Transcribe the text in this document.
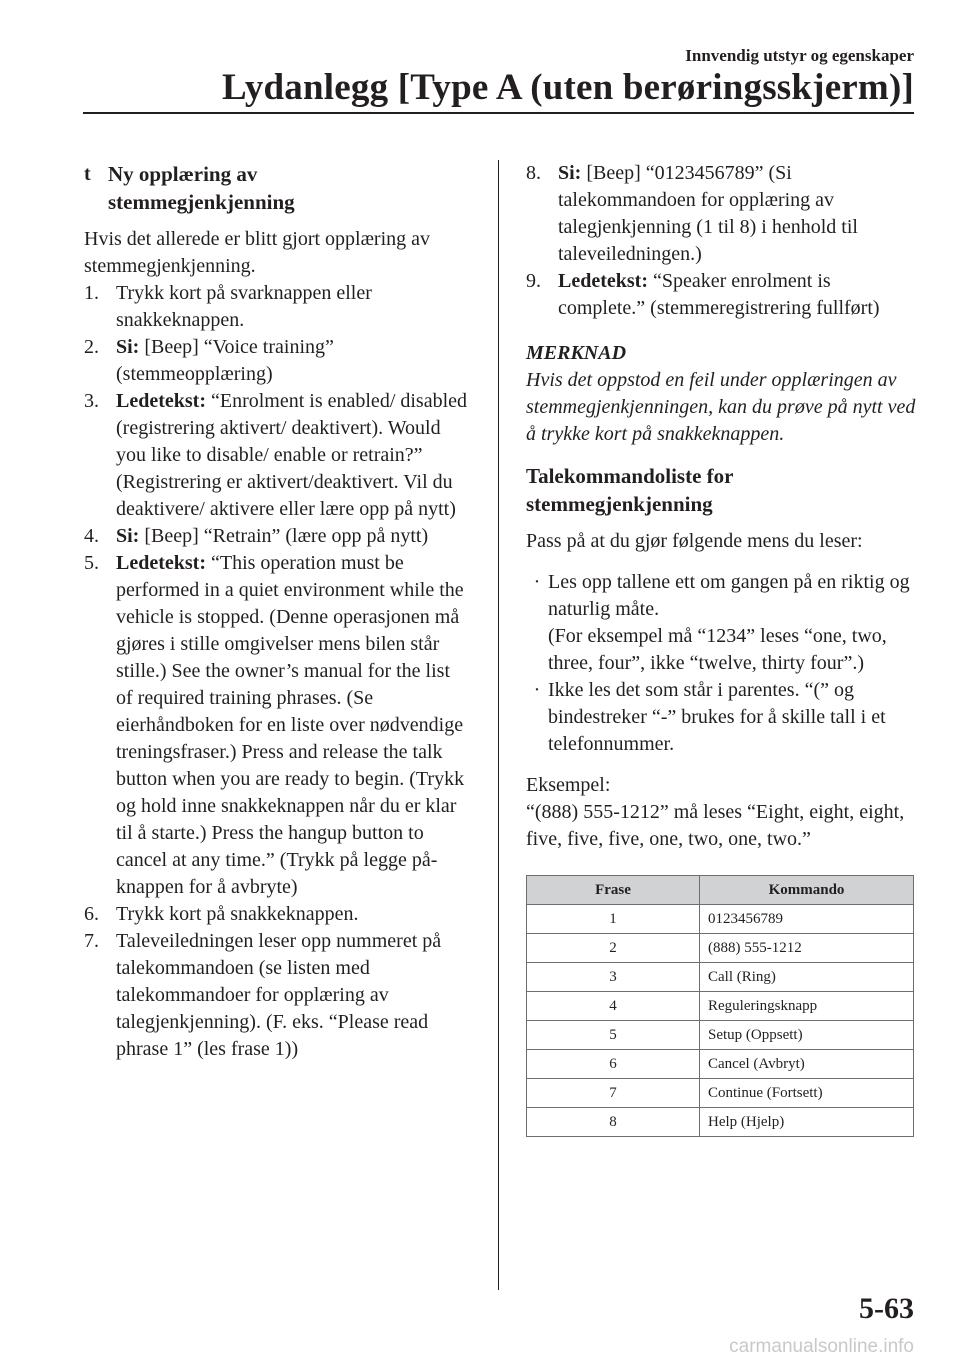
Innvendig utstyr og egenskaper
Lydanlegg [Type A (uten berøringsskjerm)]
t Ny opplæring av
stemmegjenkjenning
Hvis det allerede er blitt gjort opplæring av stemmegjenkjenning.
1. Trykk kort på svarknappen eller snakkeknappen.
2. Si: [Beep] “Voice training” (stemmeopplæring)
3. Ledetekst: “Enrolment is enabled/ disabled (registrering aktivert/ deaktivert). Would you like to disable/ enable or retrain?” (Registrering er aktivert/deaktivert. Vil du deaktivere/ aktivere eller lære opp på nytt)
4. Si: [Beep] “Retrain” (lære opp på nytt)
5. Ledetekst: “This operation must be performed in a quiet environment while the vehicle is stopped. (Denne operasjonen må gjøres i stille omgivelser mens bilen står stille.) See the owner’s manual for the list of required training phrases. (Se eierhåndboken for en liste over nødvendige treningsfraser.) Press and release the talk button when you are ready to begin. (Trykk og hold inne snakkeknappen når du er klar til å starte.) Press the hangup button to cancel at any time.” (Trykk på legge på-knappen for å avbryte)
6. Trykk kort på snakkeknappen.
7. Taleveiledningen leser opp nummeret på talekommandoen (se listen med talekommandoer for opplæring av talegjenkjenning). (F. eks. “Please read phrase 1” (les frase 1))
8. Si: [Beep] “0123456789” (Si talekommandoen for opplæring av talegjenkjenning (1 til 8) i henhold til taleveiledningen.)
9. Ledetekst: “Speaker enrolment is complete.” (stemmeregistrering fullført)
MERKNAD
Hvis det oppstod en feil under opplæringen av stemmegjenkjenningen, kan du prøve på nytt ved å trykke kort på snakkeknappen.
Talekommandoliste for
stemmegjenkjenning
Pass på at du gjør følgende mens du leser:
· Les opp tallene ett om gangen på en riktig og naturlig måte.
(For eksempel må “1234” leses “one, two, three, four”, ikke “twelve, thirty four”.)
· Ikke les det som står i parentes. “(” og bindestreker “-” brukes for å skille tall i et telefonnummer.
Eksempel:
“(888) 555-1212” må leses “Eight, eight, eight, five, five, five, one, two, one, two.”
Frase	Kommando
1	0123456789
2	(888) 555-1212
3	Call (Ring)
4	Reguleringsknapp
5	Setup (Oppsett)
6	Cancel (Avbryt)
7	Continue (Fortsett)
8	Help (Hjelp)
5-63
carmanualsonline.info
